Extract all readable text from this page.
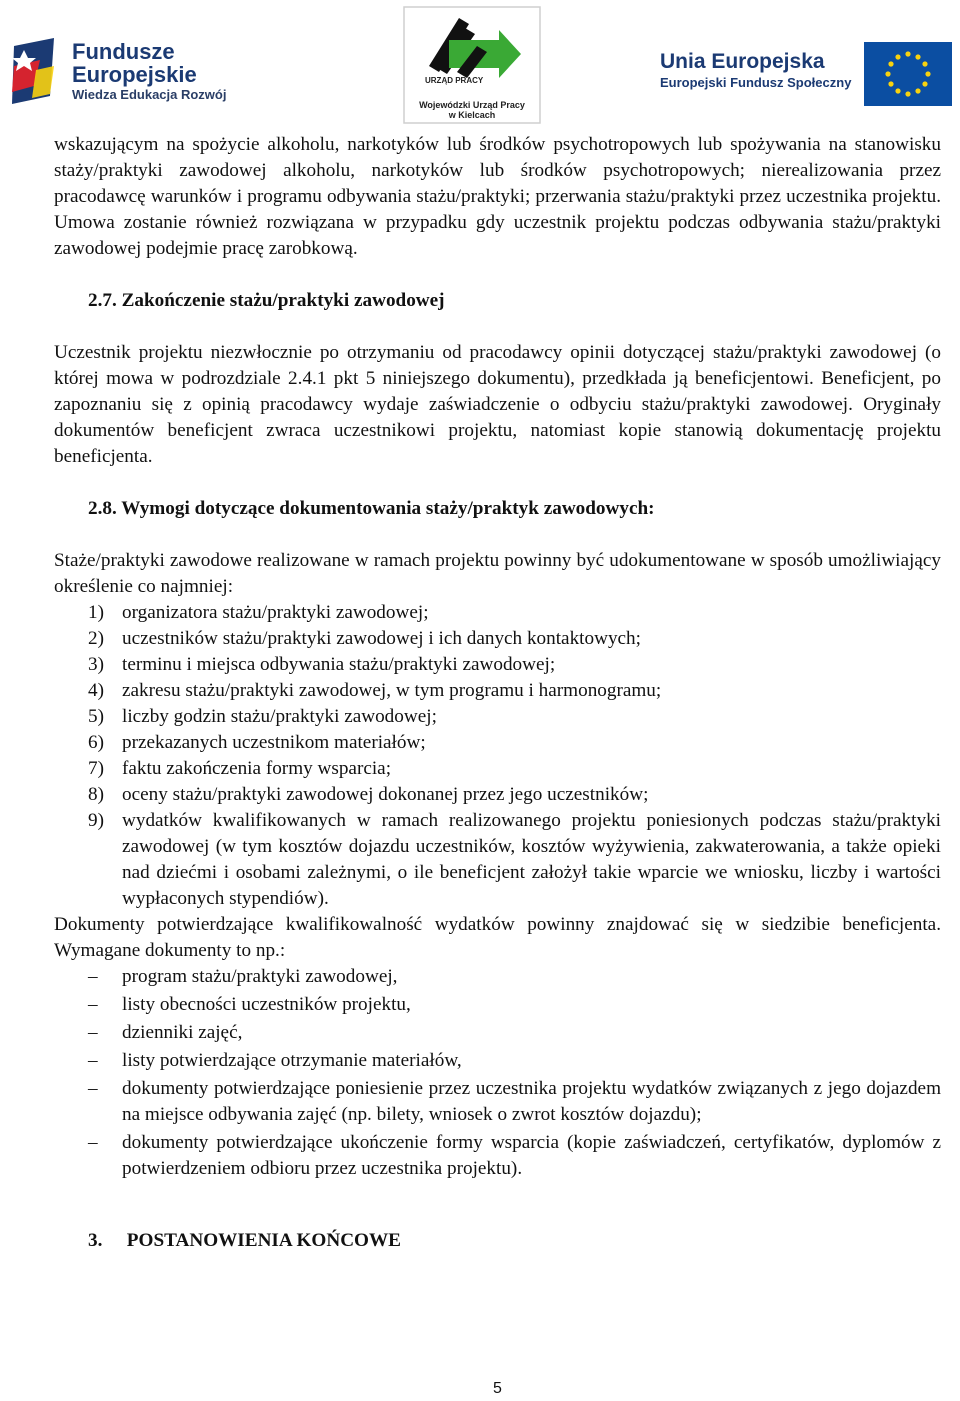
Fundusze
Europejskie
Wiedza Edukacja Rozwój
URZĄD PRACY
Wojewódzki Urząd Pracy
w Kielcach
Unia Europejska
Europejski Fundusz Społeczny

wskazującym na spożycie alkoholu, narkotyków lub środków psychotropowych lub spożywania na stanowisku staży/praktyki zawodowej alkoholu, narkotyków lub środków psychotropowych; nierealizowania przez pracodawcę warunków i programu odbywania stażu/praktyki; przerwania stażu/praktyki przez uczestnika projektu. Umowa zostanie również rozwiązana w przypadku gdy uczestnik projektu podczas odbywania stażu/praktyki zawodowej podejmie pracę zarobkową.

2.7. Zakończenie stażu/praktyki zawodowej

Uczestnik projektu niezwłocznie po otrzymaniu od pracodawcy opinii dotyczącej stażu/praktyki zawodowej (o której mowa w podrozdziale 2.4.1 pkt 5 niniejszego dokumentu), przedkłada ją beneficjentowi. Beneficjent, po zapoznaniu się z opinią pracodawcy wydaje zaświadczenie o odbyciu stażu/praktyki zawodowej. Oryginały dokumentów beneficjent zwraca uczestnikowi projektu, natomiast kopie stanowią dokumentację projektu beneficjenta.

2.8. Wymogi dotyczące dokumentowania staży/praktyk zawodowych:

Staże/praktyki zawodowe realizowane w ramach projektu powinny być udokumentowane w sposób umożliwiający określenie co najmniej:

1) organizatora stażu/praktyki zawodowej;
2) uczestników stażu/praktyki zawodowej i ich danych kontaktowych;
3) terminu i miejsca odbywania stażu/praktyki zawodowej;
4) zakresu stażu/praktyki zawodowej, w tym programu i harmonogramu;
5) liczby godzin stażu/praktyki zawodowej;
6) przekazanych uczestnikom materiałów;
7) faktu zakończenia formy wsparcia;
8) oceny stażu/praktyki zawodowej dokonanej przez jego uczestników;
9) wydatków kwalifikowanych w ramach realizowanego projektu poniesionych podczas stażu/praktyki zawodowej (w tym kosztów dojazdu uczestników, kosztów wyżywienia, zakwaterowania, a także opieki nad dziećmi i osobami zależnymi, o ile beneficjent założył takie wparcie we wniosku, liczby i wartości wypłaconych stypendiów).

Dokumenty potwierdzające kwalifikowalność wydatków powinny znajdować się w siedzibie beneficjenta. Wymagane dokumenty to np.:

– program stażu/praktyki zawodowej,
– listy obecności uczestników projektu,
– dzienniki zajęć,
– listy potwierdzające otrzymanie materiałów,
– dokumenty potwierdzające poniesienie przez uczestnika projektu wydatków związanych z jego dojazdem na miejsce odbywania zajęć (np. bilety, wniosek o zwrot kosztów dojazdu);
– dokumenty potwierdzające ukończenie formy wsparcia (kopie zaświadczeń, certyfikatów, dyplomów z potwierdzeniem odbioru przez uczestnika projektu).

3. POSTANOWIENIA KOŃCOWE

5
